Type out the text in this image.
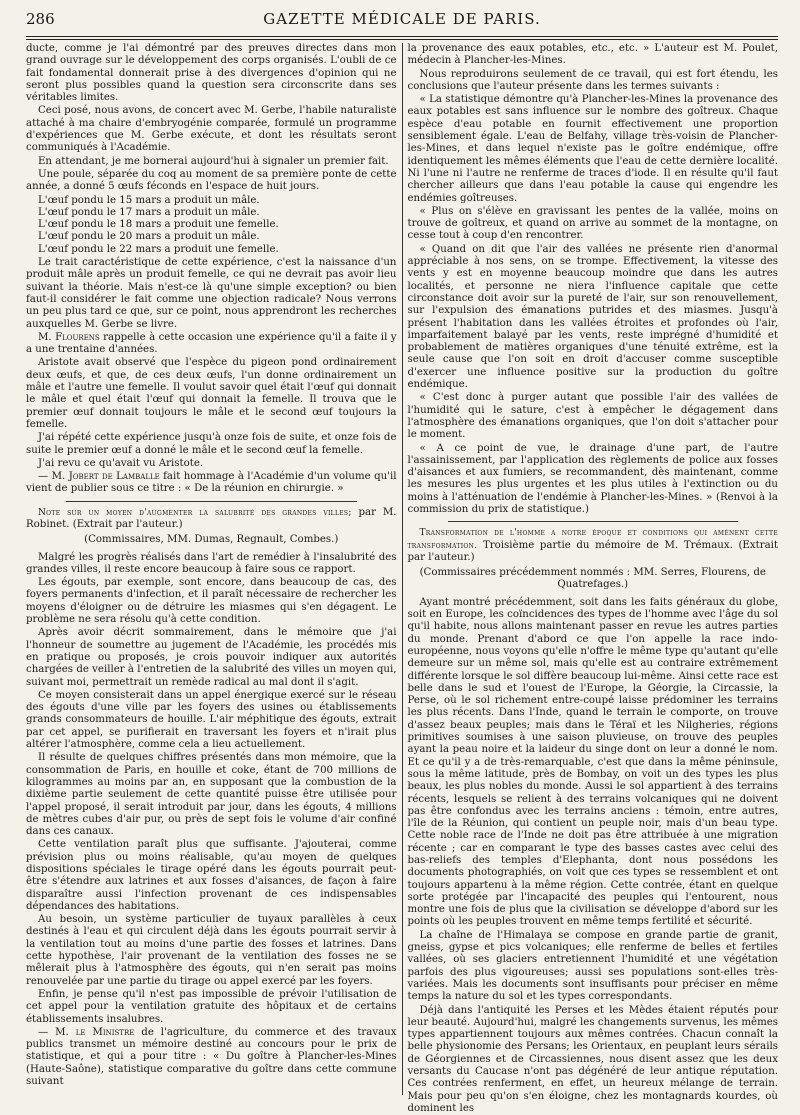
286	GAZETTE MÉDICALE DE PARIS.

ducte, comme je l'ai démontré par des preuves directes dans mon grand ouvrage sur le développement des corps organisés. L'oubli de ce fait fondamental donnerait prise à des divergences d'opinion qui ne seront plus possibles quand la question sera circonscrite dans ses véritables limites.

Ceci posé, nous avons, de concert avec M. Gerbe, l'habile naturaliste attaché à ma chaire d'embryogénie comparée, formulé un programme d'expériences que M. Gerbe exécute, et dont les résultats seront communiqués à l'Académie.

En attendant, je me bornerai aujourd'hui à signaler un premier fait.

Une poule, séparée du coq au moment de sa première ponte de cette année, a donné 5 œufs féconds en l'espace de huit jours.

L'œuf pondu le 15 mars a produit un mâle.
L'œuf pondu le 17 mars a produit un mâle.
L'œuf pondu le 18 mars a produit une femelle.
L'œuf pondu le 20 mars a produit un mâle.
L'œuf pondu le 22 mars a produit une femelle.

Le trait caractéristique de cette expérience, c'est la naissance d'un produit mâle après un produit femelle, ce qui ne devrait pas avoir lieu suivant la théorie. Mais n'est-ce là qu'une simple exception? ou bien faut-il considérer le fait comme une objection radicale? Nous verrons un peu plus tard ce que, sur ce point, nous apprendront les recherches auxquelles M. Gerbe se livre.

M. Flourens rappelle à cette occasion une expérience qu'il a faite il y a une trentaine d'années.

Aristote avait observé que l'espèce du pigeon pond ordinairement deux œufs, et que, de ces deux œufs, l'un donne ordinairement un mâle et l'autre une femelle. Il voulut savoir quel était l'œuf qui donnait le mâle et quel était l'œuf qui donnait la femelle. Il trouva que le premier œuf donnait toujours le mâle et le second œuf toujours la femelle.

J'ai répété cette expérience jusqu'à onze fois de suite, et onze fois de suite le premier œuf a donné le mâle et le second œuf la femelle.

J'ai revu ce qu'avait vu Aristote.

— M. Jobert de Lamballe fait hommage à l'Académie d'un volume qu'il vient de publier sous ce titre : « De la réunion en chirurgie. »

Note sur un moyen d'augmenter la salubrité des grandes villes; par M. Robinet. (Extrait par l'auteur.)

(Commissaires, MM. Dumas, Regnault, Combes.)

Malgré les progrès réalisés dans l'art de remédier à l'insalubrité des grandes villes, il reste encore beaucoup à faire sous ce rapport.

Les égouts, par exemple, sont encore, dans beaucoup de cas, des foyers permanents d'infection, et il paraît nécessaire de rechercher les moyens d'éloigner ou de détruire les miasmes qui s'en dégagent. Le problème ne sera résolu qu'à cette condition.

Après avoir décrit sommairement, dans le mémoire que j'ai l'honneur de soumettre au jugement de l'Académie, les procédés mis en pratique ou proposés, je crois pouvoir indiquer aux autorités chargées de veiller à l'entretien de la salubrité des villes un moyen qui, suivant moi, permettrait un remède radical au mal dont il s'agit.

Ce moyen consisterait dans un appel énergique exercé sur le réseau des égouts d'une ville par les foyers des usines ou établissements grands consommateurs de houille. L'air méphitique des égouts, extrait par cet appel, se purifierait en traversant les foyers et n'irait plus altérer l'atmosphère, comme cela a lieu actuellement.

Il résulte de quelques chiffres présentés dans mon mémoire, que la consommation de Paris, en houille et coke, étant de 700 millions de kilogrammes au moins par an, en supposant que la combustion de la dixième partie seulement de cette quantité puisse être utilisée pour l'appel proposé, il serait introduit par jour, dans les égouts, 4 millions de mètres cubes d'air pur, ou près de sept fois le volume d'air confiné dans ces canaux.

Cette ventilation paraît plus que suffisante. J'ajouterai, comme prévision plus ou moins réalisable, qu'au moyen de quelques dispositions spéciales le tirage opéré dans les égouts pourrait peut-être s'étendre aux latrines et aux fosses d'aisances, de façon à faire disparaître aussi l'infection provenant de ces indispensables dépendances des habitations.

Au besoin, un système particulier de tuyaux parallèles à ceux destinés à l'eau et qui circulent déjà dans les égouts pourrait servir à la ventilation tout au moins d'une partie des fosses et latrines. Dans cette hypothèse, l'air provenant de la ventilation des fosses ne se mêlerait plus à l'atmosphère des égouts, qui n'en serait pas moins renouvelée par une partie du tirage ou appel exercé par les foyers.

Enfin, je pense qu'il n'est pas impossible de prévoir l'utilisation de cet appel pour la ventilation gratuite des hôpitaux et de certains établissements insalubres.

— M. le Ministre de l'agriculture, du commerce et des travaux publics transmet un mémoire destiné au concours pour le prix de statistique, et qui a pour titre : « Du goître à Plancher-les-Mines (Haute-Saône), statistique comparative du goître dans cette commune suivant

la provenance des eaux potables, etc., etc. » L'auteur est M. Poulet, médecin à Plancher-les-Mines.

Nous reproduirons seulement de ce travail, qui est fort étendu, les conclusions que l'auteur présente dans les termes suivants :

« La statistique démontre qu'à Plancher-les-Mines la provenance des eaux potables est sans influence sur le nombre des goîtreux. Chaque espèce d'eau potable en fournit effectivement une proportion sensiblement égale. L'eau de Belfahy, village très-voisin de Plancher-les-Mines, et dans lequel n'existe pas le goître endémique, offre identiquement les mêmes éléments que l'eau de cette dernière localité. Ni l'une ni l'autre ne renferme de traces d'iode. Il en résulte qu'il faut chercher ailleurs que dans l'eau potable la cause qui engendre les endémies goîtreuses.

« Plus on s'élève en gravissant les pentes de la vallée, moins on trouve de goîtreux, et quand on arrive au sommet de la montagne, on cesse tout à coup d'en rencontrer.

« Quand on dit que l'air des vallées ne présente rien d'anormal appréciable à nos sens, on se trompe. Effectivement, la vitesse des vents y est en moyenne beaucoup moindre que dans les autres localités, et personne ne niera l'influence capitale que cette circonstance doit avoir sur la pureté de l'air, sur son renouvellement, sur l'expulsion des émanations putrides et des miasmes. Jusqu'à présent l'habitation dans les vallées étroites et profondes où l'air, imparfaitement balayé par les vents, reste imprégné d'humidité et probablement de matières organiques d'une ténuité extrême, est la seule cause que l'on soit en droit d'accuser comme susceptible d'exercer une influence positive sur la production du goître endémique.

« C'est donc à purger autant que possible l'air des vallées de l'humidité qui le sature, c'est à empêcher le dégagement dans l'atmosphère des émanations organiques, que l'on doit s'attacher pour le moment.

« A ce point de vue, le drainage d'une part, de l'autre l'assainissement, par l'application des règlements de police aux fosses d'aisances et aux fumiers, se recommandent, dès maintenant, comme les mesures les plus urgentes et les plus utiles à l'extinction ou du moins à l'atténuation de l'endémie à Plancher-les-Mines. » (Renvoi à la commission du prix de statistique.)

Transformation de l'homme a notre époque et conditions qui amènent cette transformation. Troisième partie du mémoire de M. Trémaux. (Extrait par l'auteur.)

(Commissaires précédemment nommés : MM. Serres, Flourens, de Quatrefages.)

Ayant montré précédemment, soit dans les faits généraux du globe, soit en Europe, les coïncidences des types de l'homme avec l'âge du sol qu'il habite, nous allons maintenant passer en revue les autres parties du monde. Prenant d'abord ce que l'on appelle la race indo-européenne, nous voyons qu'elle n'offre le même type qu'autant qu'elle demeure sur un même sol, mais qu'elle est au contraire extrêmement différente lorsque le sol diffère beaucoup lui-même. Ainsi cette race est belle dans le sud et l'ouest de l'Europe, la Géorgie, la Circassie, la Perse, où le sol richement entre-coupé laisse prédominer les terrains les plus récents. Dans l'Inde, quand le terrain le comporte, on trouve d'assez beaux peuples; mais dans le Téraï et les Nilgheries, régions primitives soumises à une saison pluvieuse, on trouve des peuples ayant la peau noire et la laideur du singe dont on leur a donné le nom. Et ce qu'il y a de très-remarquable, c'est que dans la même péninsule, sous la même latitude, près de Bombay, on voit un des types les plus beaux, les plus nobles du monde. Aussi le sol appartient à des terrains récents, lesquels se relient à des terrains volcaniques qui ne doivent pas être confondus avec les terrains anciens : témoin, entre autres, l'île de la Réunion, qui contient un peuple noir, mais d'un beau type. Cette noble race de l'Inde ne doit pas être attribuée à une migration récente ; car en comparant le type des basses castes avec celui des bas-reliefs des temples d'Elephanta, dont nous possédons les documents photographiés, on voit que ces types se ressemblent et ont toujours appartenu à la même région. Cette contrée, étant en quelque sorte protégée par l'incapacité des peuples qui l'entourent, nous montre une fois de plus que la civilisation se développe d'abord sur les points où les peuples trouvent en même temps fertilité et sécurité.

La chaîne de l'Himalaya se compose en grande partie de granit, gneiss, gypse et pics volcaniques; elle renferme de belles et fertiles vallées, où ses glaciers entretiennent l'humidité et une végétation parfois des plus vigoureuses; aussi ses populations sont-elles très-variées. Mais les documents sont insuffisants pour préciser en même temps la nature du sol et les types correspondants.

Déjà dans l'antiquité les Perses et les Mèdes étaient réputés pour leur beauté. Aujourd'hui, malgré les changements survenus, les mêmes types appartiennent toujours aux mêmes contrées. Chacun connaît la belle physionomie des Persans; les Orientaux, en peuplant leurs sérails de Géorgiennes et de Circassiennes, nous disent assez que les deux versants du Caucase n'ont pas dégénéré de leur antique réputation. Ces contrées renferment, en effet, un heureux mélange de terrain. Mais pour peu qu'on s'en éloigne, chez les montagnards kourdes, où dominent les
